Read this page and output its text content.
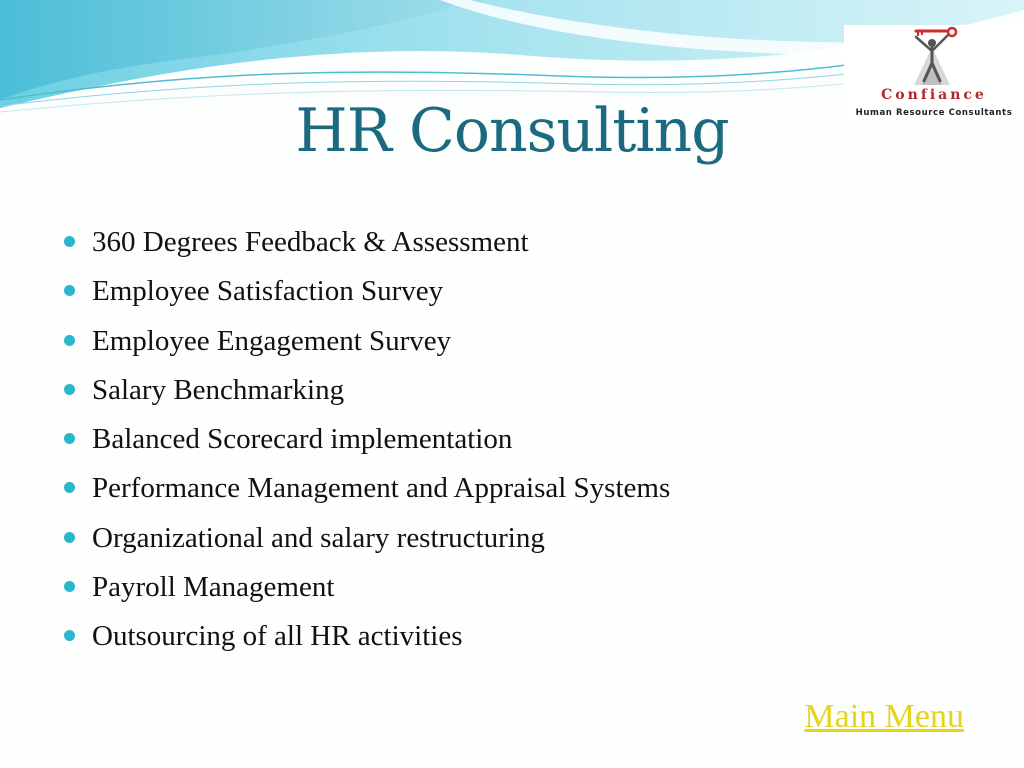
Confiance
Human Resource Consultants
HR Consulting
360 Degrees Feedback & Assessment
Employee Satisfaction Survey
Employee Engagement Survey
Salary Benchmarking
Balanced Scorecard implementation
Performance Management and Appraisal Systems
Organizational and salary restructuring
Payroll Management
Outsourcing of all HR activities
Main Menu
